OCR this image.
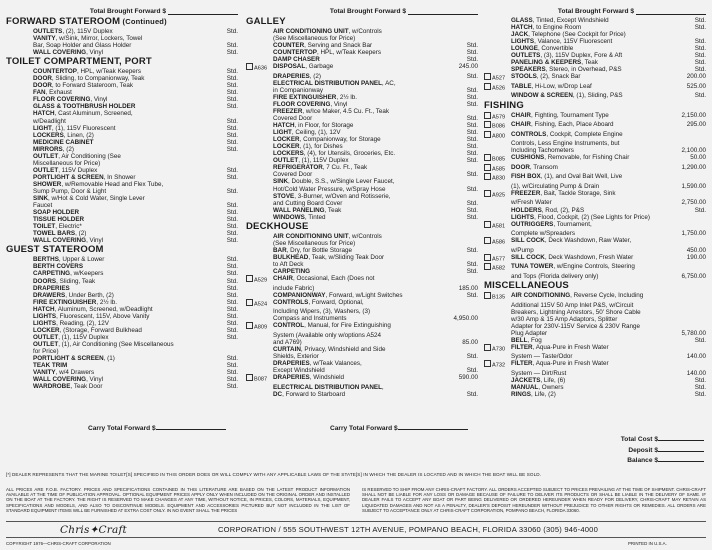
Total Brought Forward $
FORWARD STATEROOM (Continued)
OUTLETS, (2), 115V Duplex	Std.
VANITY, w/Sink, Mirror, Lockers, Towel
Bar, Soap Holder and Glass Holder	Std.
WALL COVERING, Vinyl	Std.
TOILET COMPARTMENT, PORT
COUNTERTOP, HPL, w/Teak Keepers	Std.
DOOR, Sliding, to Companionway, Teak	Std.
DOOR, to Forward Stateroom, Teak	Std.
FAN, Exhaust	Std.
FLOOR COVERING, Vinyl	Std.
GLASS & TOOTHBRUSH HOLDER	Std.
HATCH, Cast Aluminum, Screened,
w/Deadlight	Std.
LIGHT, (1), 115V Fluorescent	Std.
LOCKERS, Linen, (2)	Std.
MEDICINE CABINET	Std.
MIRRORS, (2)	Std.
OUTLET, Air Conditioning (See
Miscellaneous for Price)
OUTLET, 115V Duplex	Std.
PORTLIGHT & SCREEN, In Shower	Std.
SHOWER, w/Removable Head and Flex Tube,
Sump Pump, Door & Light	Std.
SINK, w/Hot & Cold Water, Single Lever
Faucet	Std.
SOAP HOLDER	Std.
TISSUE HOLDER	Std.
TOILET, Electric*	Std.
TOWEL BARS, (2)	Std.
WALL COVERING, Vinyl	Std.
GUEST STATEROOM
BERTHS, Upper & Lower	Std.
BERTH COVERS	Std.
CARPETING, w/Keepers	Std.
DOORS, Sliding, Teak	Std.
DRAPERIES	Std.
DRAWERS, Under Berth, (2)	Std.
FIRE EXTINGUISHER, 2½ lb.	Std.
HATCH, Aluminum, Screened, w/Deadlight	Std.
LIGHTS, Fluorescent, 115V, Above Vanity	Std.
LIGHTS, Reading, (2), 12V	Std.
LOCKER, (Storage, Forward Bulkhead	Std.
OUTLET, (1), 115V Duplex	Std.
OUTLET, (1), Air Conditioning (See Miscellaneous
for Price)
PORTLIGHT & SCREEN, (1)	Std.
TEAK TRIM	Std.
VANITY, w/4 Drawers	Std.
WALL COVERING, Vinyl	Std.
WARDROBE, Teak Door	Std.
Total Brought Forward $
GALLEY
AIR CONDITIONING UNIT, w/Controls
(See Miscellaneous for Price)
COUNTER, Serving and Snack Bar	Std.
COUNTERTOP, HPL, w/Teak Keepers	Std.
DAMP CHASER	Std.
A636 DISPOSAL, Garbage	245.00
DRAPERIES, (2)	Std.
ELECTRICAL DISTRIBUTION PANEL, AC,
in Companionway	Std.
FIRE EXTINGUISHER, 2½ lb.	Std.
FLOOR COVERING, Vinyl	Std.
FREEZER, w/Ice Maker, 4.5 Cu. Ft., Teak
Covered Door	Std.
HATCH, in Floor, for Storage	Std.
LIGHT, Ceiling, (1), 12V	Std.
LOCKER, Companionway, for Storage	Std.
LOCKER, (1), for Dishes	Std.
LOCKERS, (4), for Utensils, Groceries, Etc.	Std.
OUTLET, (1), 115V Duplex	Std.
REFRIGERATOR, 7 Cu. Ft., Teak
Covered Door	Std.
SINK, Double, S.S., w/Single Lever Faucet,
Hot/Cold Water Pressure, w/Spray Hose	Std.
STOVE, 3-Burner, w/Oven and Rotisserie,
and Cutting Board Cover	Std.
WALL PANELING, Teak	Std.
WINDOWS, Tinted	Std.
DECKHOUSE
AIR CONDITIONING UNIT, w/Controls
(See Miscellaneous for Price)
BAR, Dry, for Bottle Storage	Std.
BULKHEAD, Teak, w/Sliding Teak Door
to Aft Deck	Std.
CARPETING	Std.
A529 CHAIR, Occasional, Each (Does not
include Fabric)	185.00
COMPANIONWAY, Forward, w/Light Switches	Std.
A524 CONTROLS, Forward, Optional,
Including Wipers, (3), Washers, (3)
Compass and Instruments	4,950.00
A809 CONTROL, Manual, for Fire Extinguishing
System (Available only w/options A524
and A769)	85.00
CURTAIN, Privacy, Windshield and Side
Shields, Exterior	Std.
DRAPERIES, w/Teak Valances,
Except Windshield	Std.
B087 DRAPERIES, Windshield	590.00
ELECTRICAL DISTRIBUTION PANEL,
DC, Forward to Starboard	Std.
Total Brought Forward $
GLASS, Tinted, Except Windshield	Std.
HATCH, to Engine Room	Std.
JACK, Telephone (See Cockpit for Price)
LIGHTS, Valance, 115V Fluorescent	Std.
LOUNGE, Convertible	Std.
OUTLETS, (3), 115V Duplex, Fore & Aft	Std.
PANELING & KEEPERS, Teak	Std.
SPEAKERS, Stereo, in Overhead, P&S	Std.
A527 STOOLS, (2), Snack Bar	200.00
A526 TABLE, Hi-Low, w/Drop Leaf	525.00
WINDOW & SCREEN, (1), Sliding, P&S	Std.
FISHING
A579 CHAIR, Fighting, Tournament Type	2,150.00
B086 CHAIR, Fishing, Each, Place Aboard	295.00
A800 CONTROLS, Cockpit, Complete Engine
Controls, Less Engine Instruments, but
Including Tachometers	2,100.00
B085 CUSHIONS, Removable, for Fishing Chair	50.00
A585 DOOR, Transom	1,290.00
A830 FISH BOX, (1), and Oval Bait Well, Live
(1), w/Circulating Pump & Drain	1,590.00
A925 FREEZER, Bait, Tackle Storage, Sink
w/Fresh Water	2,750.00
HOLDERS, Rod, (2), P&S	Std.
LIGHTS, Flood, Cockpit, (2) (See Lights for Price)
A581 OUTRIGGERS, Tournament,
Complete w/Spreaders	1,750.00
A586 SILL COCK, Deck Washdown, Raw Water,
w/Pump	450.00
A577 SILL COCK, Deck Washdown, Fresh Water	190.00
A582 TUNA TOWER, w/Engine Controls, Steering
and Tops (Florida delivery only)	6,750.00
MISCELLANEOUS
B135 AIR CONDITIONING, Reverse Cycle, Including
Additional 115V 50 Amp Inlet P&S, w/Circuit
Breakers, Lightning Arrestors, 50' Shore Cable
w/30 Amp & 15 Amp Adaptors, Splitter
Adapter for 230V-115V Service & 230V Range
Plug Adapter	5,780.00
BELL, Fog	Std.
A730 FILTER, Aqua-Pure in Fresh Water
System — Taste/Odor	140.00
A732 FILTER, Aqua-Pure in Fresh Water
System — Dirt/Rust	140.00
JACKETS, Life, (6)	Std.
MANUAL, Owners	Std.
RINGS, Life, (2)	Std.
Carry Total Forward $	Carry Total Forward $
Total Cost $
Deposit $
Balance $
[*] DEALER REPRESENTS THAT THE MARINE TOILET[S] SPECIFIED IN THIS ORDER DOES OR WILL COMPLY WITH ANY APPLICABLE LAWS OF THE STATE[S] IN WHICH THE DEALER IS LOCATED AND IN WHICH THE BOAT WILL BE SOLD.
ALL PRICES ARE F.O.B. FACTORY. PRICES AND SPECIFICATIONS CONTAINED IN THIS LITERATURE ARE BASED ON THE LATEST PRODUCT INFORMATION AVAILABLE AT THE TIME OF PUBLICATION APPROVAL. OPTIONAL EQUIPMENT PRICES APPLY ONLY WHEN INCLUDED ON THE ORIGINAL ORDER AND INSTALLED ON THE BOAT AT THE FACTORY. THE RIGHT IS RESERVED TO MAKE CHANGES AT ANY TIME, WITHOUT NOTICE, IN PRICES, COLORS, MATERIALS, EQUIPMENT, SPECIFICATIONS AND MODELS, AND ALSO TO DISCONTINUE MODELS. EQUIPMENT AND ACCESSORIES PICTURED BUT NOT INCLUDED IN THE LIST OF STANDARD EQUIPMENT ITEMS WILL BE FURNISHED AT EXTRA COST ONLY. IN NO EVENT SHALL THE PRICES
IS RESERVED TO SHIP FROM ANY CHRIS-CRAFT FACTORY. ALL ORDERS ACCEPTED SUBJECT TO PRICES PREVAILING AT THE TIME OF SHIPMENT. CHRIS-CRAFT SHALL NOT BE LIABLE FOR ANY LOSS OR DAMAGE BECAUSE OF FAILURE TO DELIVER ITS PRODUCTS OR SHALL BE LIABLE IN THE DELIVERY OF SAME. IF DEALER FAILS TO ACCEPT ANY BOAT OR PART BEING DELIVERED OR ORDERED HEREUNDER WHEN READY FOR DELIVERY, CHRIS-CRAFT MAY RETAIN AS LIQUIDATED DAMAGES AND NOT AS A PENALTY, DEALER'S DEPOSIT HEREUNDER WITHOUT PREJUDICE TO OTHER RIGHTS OR REMEDIES. ALL ORDERS ARE SUBJECT TO ACCEPTANCE ONLY AT CHRIS-CRAFT CORPORATION, POMPANO BEACH, FLORIDA 33060.
Chris✦Craft	CORPORATION / 555 SOUTHWEST 12TH AVENUE, POMPANO BEACH, FLORIDA 33060 (305) 946-4000
COPYRIGHT 1976—CHRIS-CRAFT CORPORATION	PRINTED IN U.S.A.
